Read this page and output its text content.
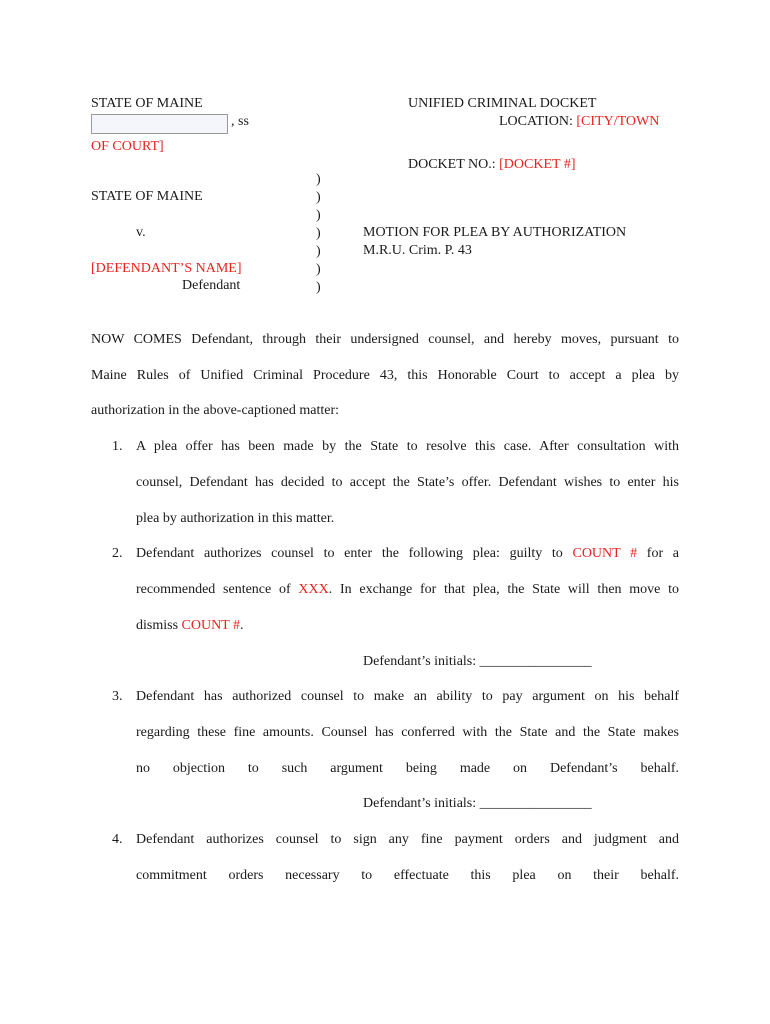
STATE OF MAINE
, ss
OF COURT]
UNIFIED CRIMINAL DOCKET
LOCATION: [CITY/TOWN
DOCKET NO.: [DOCKET #]
STATE OF MAINE
v.
[DEFENDANT’S NAME]
Defendant
)
)
)
)
)
)
)
MOTION FOR PLEA BY AUTHORIZATION
M.R.U. Crim. P. 43
NOW COMES Defendant, through their undersigned counsel, and hereby moves, pursuant to
Maine Rules of Unified Criminal Procedure 43, this Honorable Court to accept a plea by
authorization in the above-captioned matter:
1. A plea offer has been made by the State to resolve this case. After consultation with
counsel, Defendant has decided to accept the State’s offer. Defendant wishes to enter his
plea by authorization in this matter.
2. Defendant authorizes counsel to enter the following plea: guilty to COUNT # for a
recommended sentence of XXX. In exchange for that plea, the State will then move to
dismiss COUNT #.
Defendant’s initials: ________________
3. Defendant has authorized counsel to make an ability to pay argument on his behalf
regarding these fine amounts. Counsel has conferred with the State and the State makes
no objection to such argument being made on Defendant’s behalf.
Defendant’s initials: ________________
4. Defendant authorizes counsel to sign any fine payment orders and judgment and
commitment orders necessary to effectuate this plea on their behalf.
